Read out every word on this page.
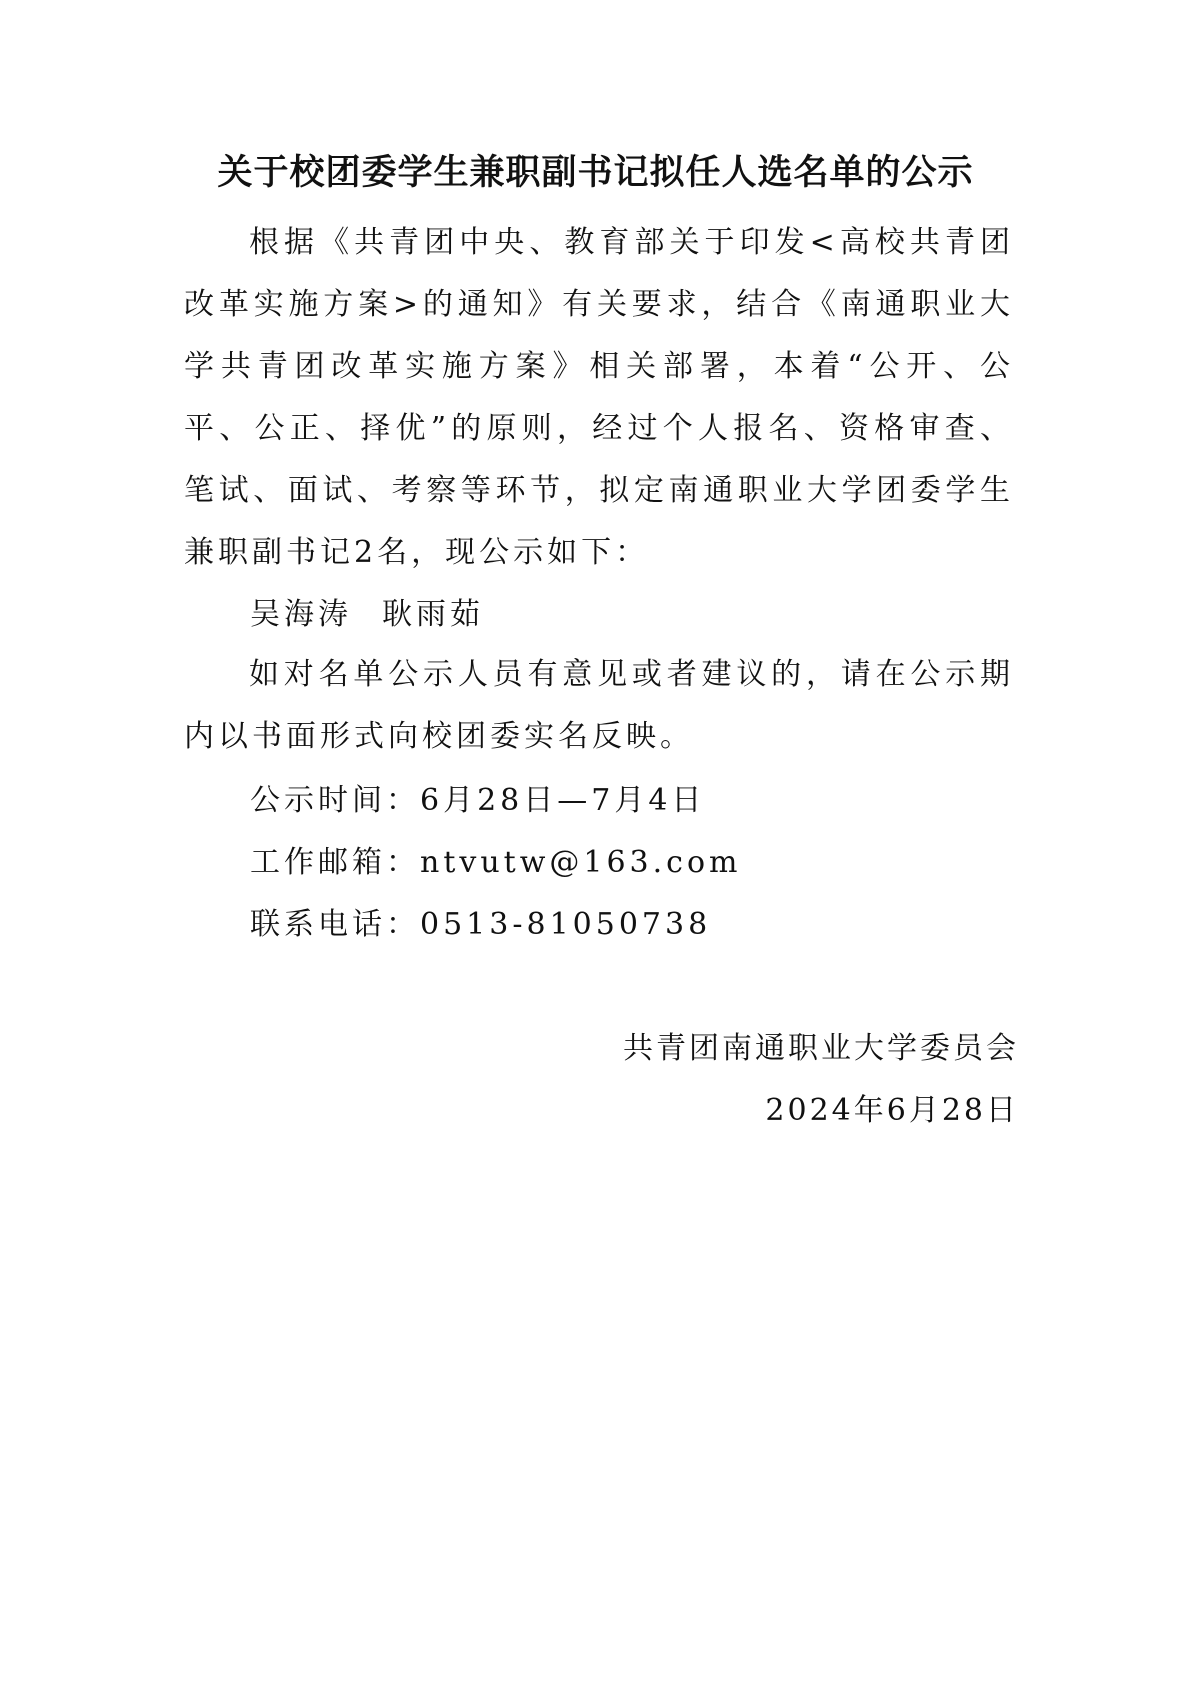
关于校团委学生兼职副书记拟任人选名单的公示

根据《共青团中央、教育部关于印发<高校共青团改革实施方案>的通知》有关要求，结合《南通职业大学共青团改革实施方案》相关部署，本着“公开、公平、公正、择优”的原则，经过个人报名、资格审查、笔试、面试、考察等环节，拟定南通职业大学团委学生兼职副书记2名，现公示如下：

吴海涛 耿雨茹

如对名单公示人员有意见或者建议的，请在公示期内以书面形式向校团委实名反映。

公示时间：6月28日—7月4日

工作邮箱：ntvutw@163.com

联系电话：0513-81050738

共青团南通职业大学委员会

2024年6月28日
